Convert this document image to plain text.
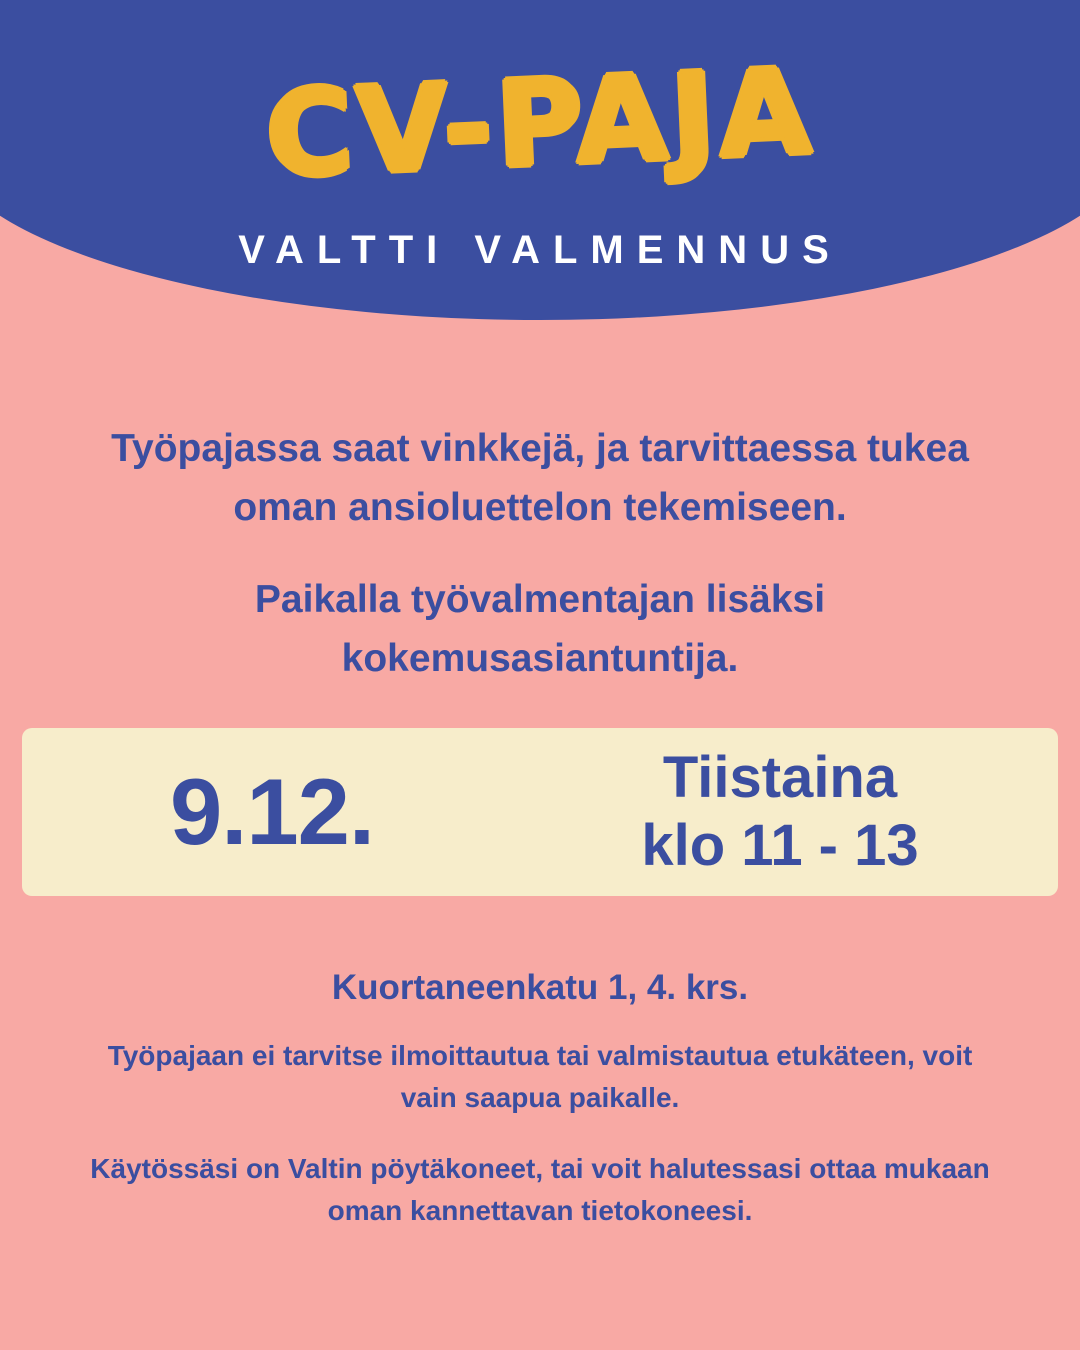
CV-PAJA
VALTTI VALMENNUS

Työpajassa saat vinkkejä, ja tarvittaessa tukea oman ansioluettelon tekemiseen.

Paikalla työvalmentajan lisäksi kokemusasiantuntija.

9.12.	Tiistaina
klo 11 - 13
Kuortaneenkatu 1, 4. krs.
Työpajaan ei tarvitse ilmoittautua tai valmistautua etukäteen, voit vain saapua paikalle.
Käytössäsi on Valtin pöytäkoneet, tai voit halutessasi ottaa mukaan oman kannettavan tietokoneesi.
